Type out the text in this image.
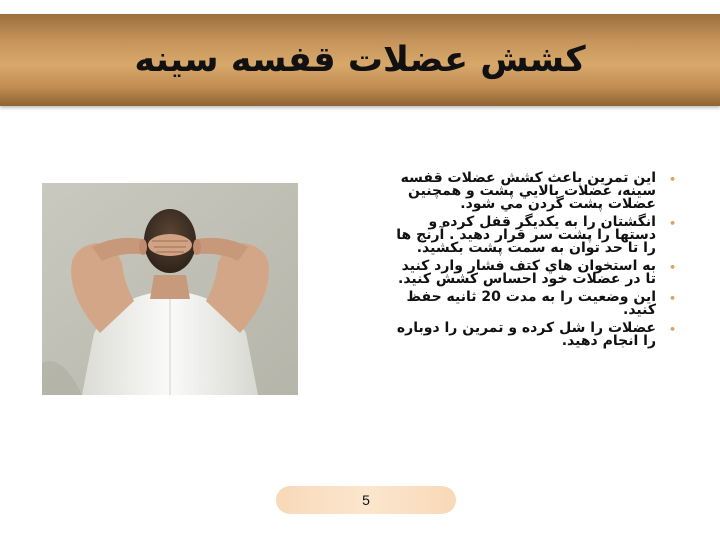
کشش عضلات قفسه سينه
•
اين تمرين باعث کشش عضلات قفسه سينه، عضلات بالايي پشت و همچنين عضلات پشت گردن مي شود.
•
انگشتان را به يکديگر قفل کرده و دستها را پشت سر قرار دهيد . آرنج ها را تا حد توان به سمت پشت بکشيد.
•
به استخوان هاي کتف فشار وارد کنيد تا در عضلات خود احساس کشش کنيد.
•
اين وضعيت را به مدت 20 ثانيه حفظ کنيد.
•
عضلات را شل کرده و تمرين را دوباره را انجام دهيد.
5
